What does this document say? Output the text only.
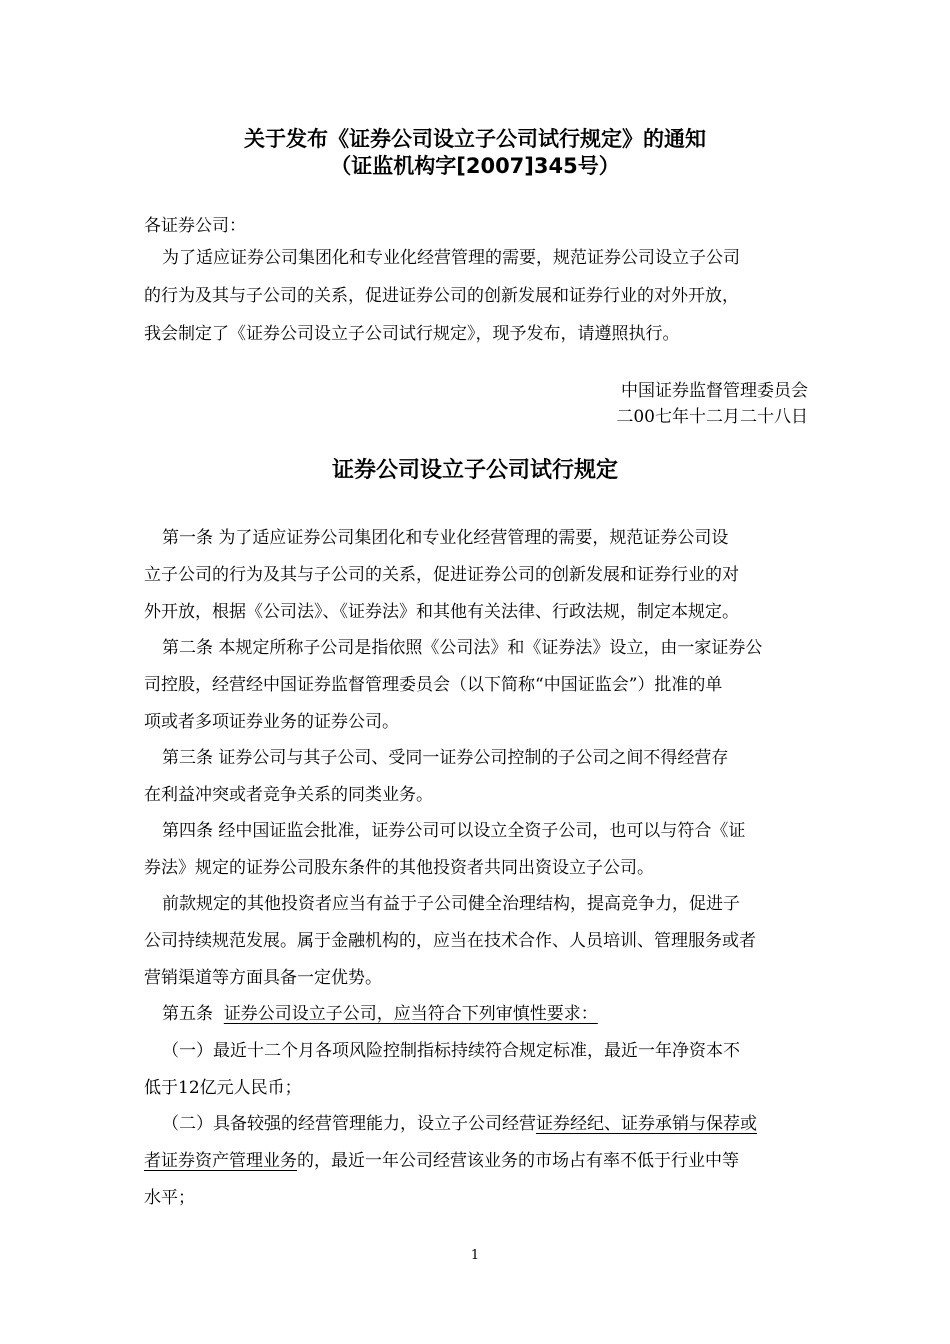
关于发布《证券公司设立子公司试行规定》的通知
（证监机构字[2007]345号）
各证券公司：
为了适应证券公司集团化和专业化经营管理的需要，规范证券公司设立子公司
的行为及其与子公司的关系，促进证券公司的创新发展和证券行业的对外开放，
我会制定了《证券公司设立子公司试行规定》，现予发布，请遵照执行。
中国证券监督管理委员会
二00七年十二月二十八日
证券公司设立子公司试行规定
第一条 为了适应证券公司集团化和专业化经营管理的需要，规范证券公司设
立子公司的行为及其与子公司的关系，促进证券公司的创新发展和证券行业的对
外开放，根据《公司法》、《证券法》和其他有关法律、行政法规，制定本规定。
第二条 本规定所称子公司是指依照《公司法》和《证券法》设立，由一家证券公
司控股，经营经中国证券监督管理委员会（以下简称“中国证监会”）批准的单
项或者多项证券业务的证券公司。
第三条 证券公司与其子公司、受同一证券公司控制的子公司之间不得经营存
在利益冲突或者竞争关系的同类业务。
第四条 经中国证监会批准，证券公司可以设立全资子公司，也可以与符合《证
券法》规定的证券公司股东条件的其他投资者共同出资设立子公司。
前款规定的其他投资者应当有益于子公司健全治理结构，提高竞争力，促进子
公司持续规范发展。属于金融机构的，应当在技术合作、人员培训、管理服务或者
营销渠道等方面具备一定优势。
第五条  证券公司设立子公司，应当符合下列审慎性要求：
（一）最近十二个月各项风险控制指标持续符合规定标准，最近一年净资本不
低于12亿元人民币；
（二）具备较强的经营管理能力，设立子公司经营证券经纪、证券承销与保荐或
者证券资产管理业务的，最近一年公司经营该业务的市场占有率不低于行业中等
水平；
1
